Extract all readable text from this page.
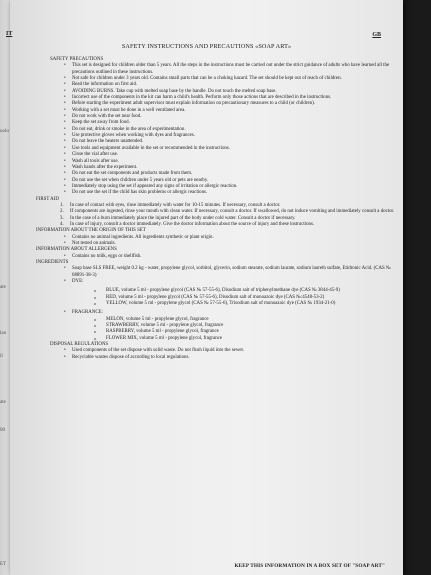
uolo
ate
lan
il
ate
00
ET
IT	GB
SAFETY INSTRUCTIONS AND PRECAUTIONS «SOAP ART»
SAFETY PRECAUTIONS
• This set is designed for children older than 5 years. All the steps in the instructions must be carried out under the strict guidance of adults who have learned all the precautions outlined in these instructions.
• Not safe for children under 3 years old. Contains small parts that can be a choking hazard. The set should be kept out of reach of children.
• Read the information on first aid.
• AVOIDING BURNS. Take cup with melted soap base by the handle. Do not touch the melted soap base.
• Incorrect use of the components in the kit can harm a child's health. Perform only those actions that are described in the instructions.
• Before starting the experiment adult supervisor must explain information on precautionary measures to a child (or children).
• Working with a set must be done in a well ventilated area.
• Do not work with the set near food.
• Keep the set away from food.
• Do not eat, drink or smoke in the area of experimentation.
• Use protective gloves when working with dyes and fragrances.
• Do not leave the heaters unattended.
• Use tools and equipment available in the set or recommended in the instructions.
• Close the vial after use.
• Wash all tools after use.
• Wash hands after the experiment.
• Do not eat the set components and products made from them.
• Do not use the set when children under 5 years old or pets are nearby.
• Immediately stop using the set if appeared any signs of irritation or allergic reaction.
• Do not use the set if the child has skin problems or allergic reactions.
FIRST AID
1. In case of contact with eyes, rinse immediately with water for 10-15 minutes. If necessary, consult a doctor.
2. If components are ingested, rinse your mouth with clean water. If necessary, consult a doctor. If swallowed, do not induce vomiting and immediately consult a doctor.
3. In the case of a burn immediately place the injured part of the body under cold water. Consult a doctor if necessary.
4. In case of injury, consult a doctor immediately. Give the doctor information about the source of injury and these instructions.
INFORMATION ABOUT THE ORIGIN OF THIS SET
• Contains no animal ingredients. All ingredients synthetic or plant origin.
• Not tested on animals.
INFORMATION ABOUT ALLERGENS
• Contains no milk, eggs or shellfish.
INGREDIENTS
• Soap base SLS FREE, weight 0.2 kg - water, propylene glycol, sorbitol, glycerin, sodium stearate, sodium laurate, sodium laureth sulfate, Etidronic Acid. (CAS № 68891-38-3)
• DYE:
o BLUE, volume 5 ml - propylene glycol (CAS № 57-55-6), Disodium salt of triphenylmethane dye (CAS № 3844-45-9)
o RED, volume 5 ml - propylene glycol (CAS № 57-55-6), Disodium salt of monoazoic dye (CAS №:4548-53-2)
o YELLOW, volume 5 ml - propylene glycol (CAS № 57-55-6), Trisodium salt of monoazoic dye (CAS № 1934-21-0)
• FRAGRANCE:
o MELON, volume 5 ml - propylene glycol, fragrance
o STRAWBERRY, volume 5 ml - propylene glycol, fragrance
o RASPBERRY, volume 5 ml - propylene glycol, fragrance
o FLOWER MIX, volume 5 ml - propylene glycol, fragrance
DISPOSAL REGULATIONS
• Used components of the set dispose with solid waste. Do not flush liquid into the sewer.
• Recyclable wastes dispose of according to local regulations.
KEEP THIS INFORMATION IN A BOX SET OF "SOAP ART"
